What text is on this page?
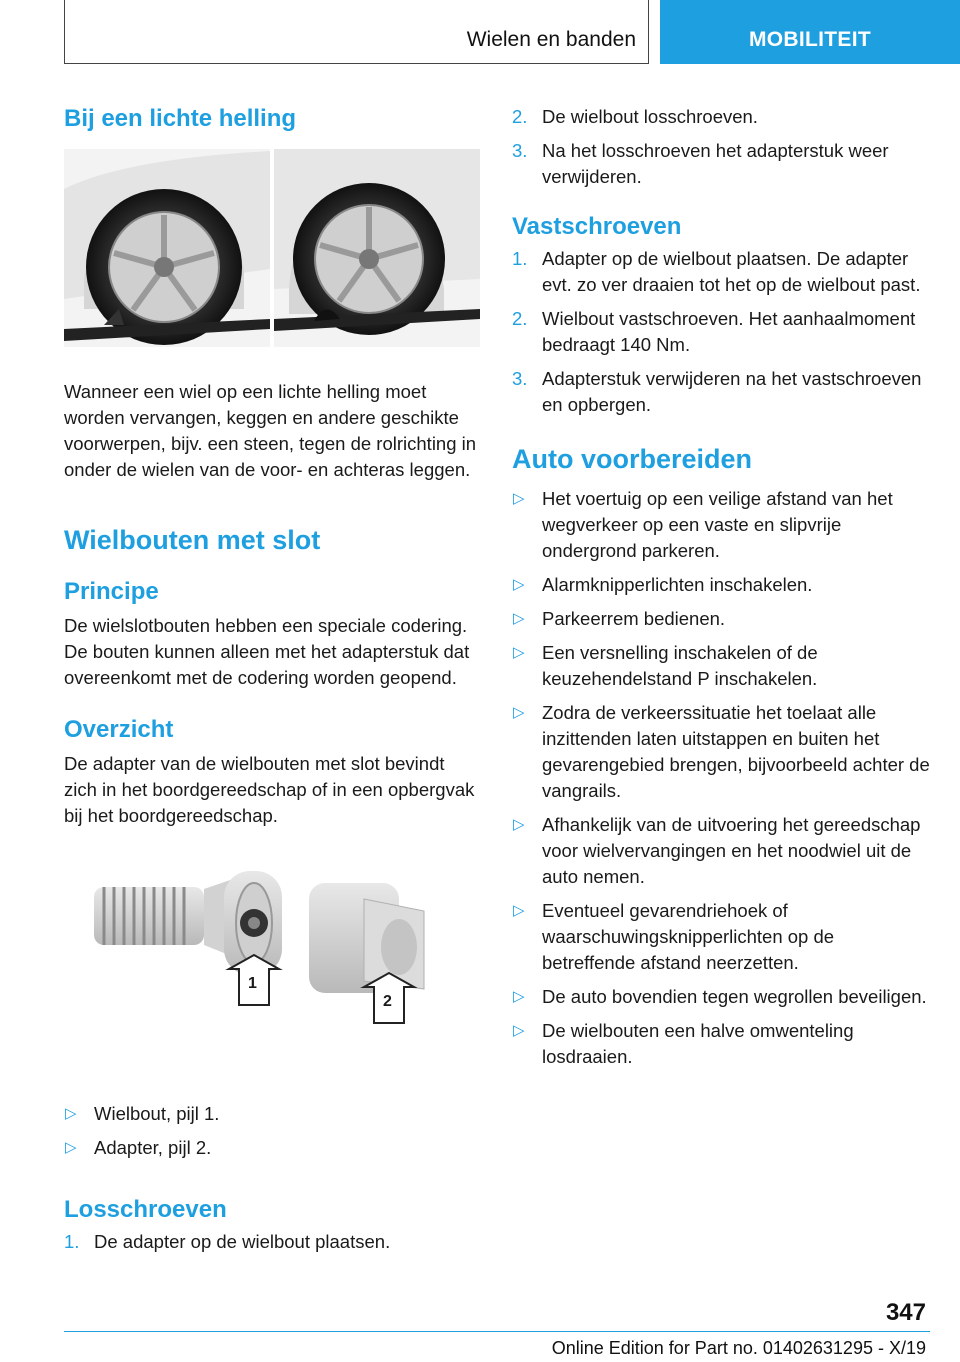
Wielen en banden	MOBILITEIT
Bij een lichte helling

Wanneer een wiel op een lichte helling moet worden vervangen, keggen en andere geschikte voorwerpen, bijv. een steen, tegen de rolrichting in onder de wielen van de voor- en achteras leggen.

Wielbouten met slot
Principe

De wielslotbouten hebben een speciale codering. De bouten kunnen alleen met het adapterstuk dat overeenkomt met de codering worden geopend.

Overzicht

De adapter van de wielbouten met slot bevindt zich in het boordgereedschap of in een opbergvak bij het boordgereedschap.

1
2
▷ Wielbout, pijl 1.
▷ Adapter, pijl 2.
Losschroeven
1. De adapter op de wielbout plaatsen.
2. De wielbout losschroeven.
3. Na het losschroeven het adapterstuk weer verwijderen.
Vastschroeven
1. Adapter op de wielbout plaatsen. De adapter evt. zo ver draaien tot het op de wielbout past.
2. Wielbout vastschroeven. Het aanhaalmoment bedraagt 140 Nm.
3. Adapterstuk verwijderen na het vastschroeven en opbergen.
Auto voorbereiden
▷ Het voertuig op een veilige afstand van het wegverkeer op een vaste en slipvrije ondergrond parkeren.
▷ Alarmknipperlichten inschakelen.
▷ Parkeerrem bedienen.
▷ Een versnelling inschakelen of de keuzehendelstand P inschakelen.
▷ Zodra de verkeerssituatie het toelaat alle inzittenden laten uitstappen en buiten het gevarengebied brengen, bijvoorbeeld achter de vangrails.
▷ Afhankelijk van de uitvoering het gereedschap voor wielvervangingen en het noodwiel uit de auto nemen.
▷ Eventueel gevarendriehoek of waarschuwingsknipperlichten op de betreffende afstand neerzetten.
▷ De auto bovendien tegen wegrollen beveiligen.
▷ De wielbouten een halve omwenteling losdraaien.
347
Online Edition for Part no. 01402631295 - X/19
